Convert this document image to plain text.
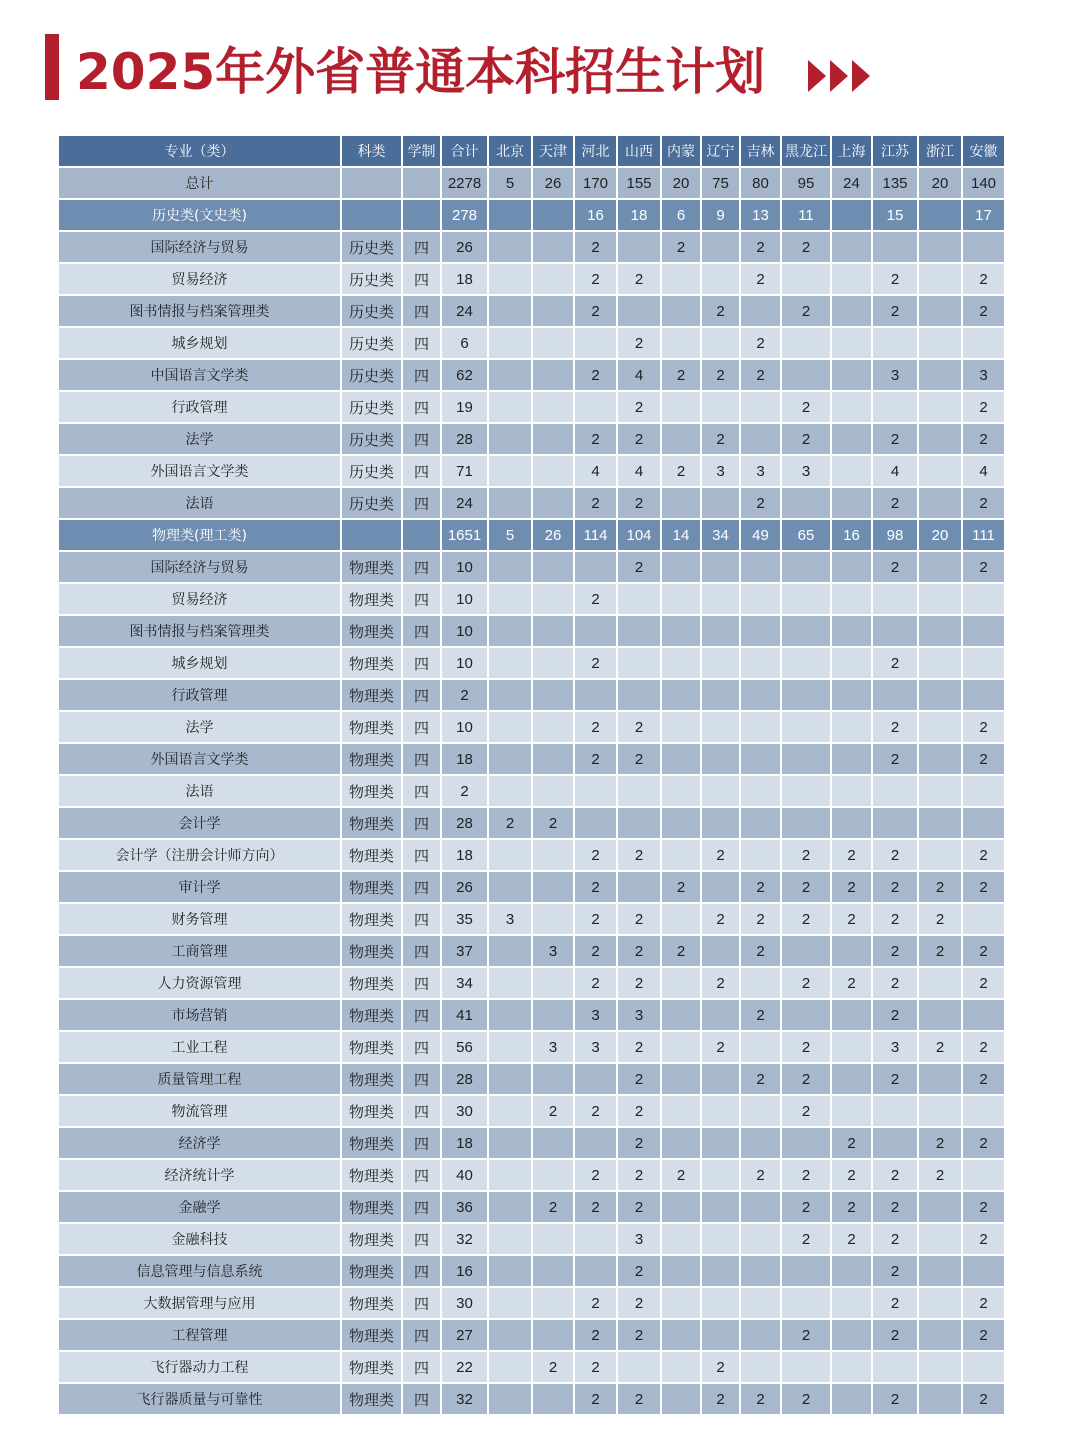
2025年外省普通本科招生计划
专业（类）	科类	学制	合计	北京	天津	河北	山西	内蒙	辽宁	吉林	黑龙江	上海	江苏	浙江	安徽
总计			2278	5	26	170	155	20	75	80	95	24	135	20	140
历史类(文史类)			278			16	18	6	9	13	11		15		17
国际经济与贸易	历史类	四	26			2		2		2	2				
贸易经济	历史类	四	18			2	2			2			2		2
图书情报与档案管理类	历史类	四	24			2			2		2		2		2
城乡规划	历史类	四	6				2			2					
中国语言文学类	历史类	四	62			2	4	2	2	2			3		3
行政管理	历史类	四	19				2				2				2
法学	历史类	四	28			2	2		2		2		2		2
外国语言文学类	历史类	四	71			4	4	2	3	3	3		4		4
法语	历史类	四	24			2	2			2			2		2
物理类(理工类)			1651	5	26	114	104	14	34	49	65	16	98	20	111
国际经济与贸易	物理类	四	10				2						2		2
贸易经济	物理类	四	10			2									
图书情报与档案管理类	物理类	四	10												
城乡规划	物理类	四	10			2							2		
行政管理	物理类	四	2												
法学	物理类	四	10			2	2						2		2
外国语言文学类	物理类	四	18			2	2						2		2
法语	物理类	四	2												
会计学	物理类	四	28	2	2										
会计学（注册会计师方向）	物理类	四	18			2	2		2		2	2	2		2
审计学	物理类	四	26			2		2		2	2	2	2	2	2
财务管理	物理类	四	35	3		2	2		2	2	2	2	2	2	
工商管理	物理类	四	37		3	2	2	2		2			2	2	2
人力资源管理	物理类	四	34			2	2		2		2	2	2		2
市场营销	物理类	四	41			3	3			2			2		
工业工程	物理类	四	56		3	3	2		2		2		3	2	2
质量管理工程	物理类	四	28				2			2	2		2		2
物流管理	物理类	四	30		2	2	2				2				
经济学	物理类	四	18				2					2		2	2
经济统计学	物理类	四	40			2	2	2		2	2	2	2	2	
金融学	物理类	四	36		2	2	2				2	2	2		2
金融科技	物理类	四	32				3				2	2	2		2
信息管理与信息系统	物理类	四	16				2						2		
大数据管理与应用	物理类	四	30			2	2						2		2
工程管理	物理类	四	27			2	2				2		2		2
飞行器动力工程	物理类	四	22		2	2			2						
飞行器质量与可靠性	物理类	四	32			2	2		2	2	2		2		2
